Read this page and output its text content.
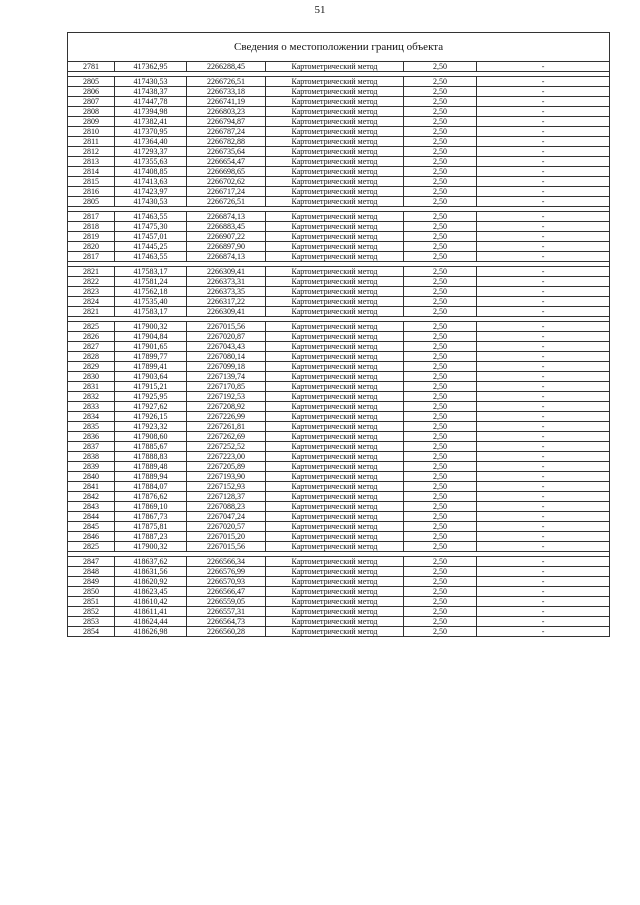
51
Сведения о местоположении границ объекта					
2781	417362,95	2266288,45	Картометрический метод	2,50	-

2805	417430,53	2266726,51	Картометрический метод	2,50	-
2806	417438,37	2266733,18	Картометрический метод	2,50	-
2807	417447,78	2266741,19	Картометрический метод	2,50	-
2808	417394,98	2266803,23	Картометрический метод	2,50	-
2809	417382,41	2266794,87	Картометрический метод	2,50	-
2810	417370,95	2266787,24	Картометрический метод	2,50	-
2811	417364,40	2266782,88	Картометрический метод	2,50	-
2812	417293,37	2266735,64	Картометрический метод	2,50	-
2813	417355,63	2266654,47	Картометрический метод	2,50	-
2814	417408,85	2266698,65	Картометрический метод	2,50	-
2815	417413,63	2266702,62	Картометрический метод	2,50	-
2816	417423,97	2266717,24	Картометрический метод	2,50	-
2805	417430,53	2266726,51	Картометрический метод	2,50	-

2817	417463,55	2266874,13	Картометрический метод	2,50	-
2818	417475,30	2266883,45	Картометрический метод	2,50	-
2819	417457,01	2266907,22	Картометрический метод	2,50	-
2820	417445,25	2266897,90	Картометрический метод	2,50	-
2817	417463,55	2266874,13	Картометрический метод	2,50	-

2821	417583,17	2266309,41	Картометрический метод	2,50	-
2822	417581,24	2266373,31	Картометрический метод	2,50	-
2823	417562,18	2266373,35	Картометрический метод	2,50	-
2824	417535,40	2266317,22	Картометрический метод	2,50	-
2821	417583,17	2266309,41	Картометрический метод	2,50	-

2825	417900,32	2267015,56	Картометрический метод	2,50	-
2826	417904,84	2267020,87	Картометрический метод	2,50	-
2827	417901,65	2267043,43	Картометрический метод	2,50	-
2828	417899,77	2267080,14	Картометрический метод	2,50	-
2829	417899,41	2267099,18	Картометрический метод	2,50	-
2830	417903,64	2267139,74	Картометрический метод	2,50	-
2831	417915,21	2267170,85	Картометрический метод	2,50	-
2832	417925,95	2267192,53	Картометрический метод	2,50	-
2833	417927,62	2267208,92	Картометрический метод	2,50	-
2834	417926,15	2267226,99	Картометрический метод	2,50	-
2835	417923,32	2267261,81	Картометрический метод	2,50	-
2836	417908,60	2267262,69	Картометрический метод	2,50	-
2837	417885,67	2267252,52	Картометрический метод	2,50	-
2838	417888,83	2267223,00	Картометрический метод	2,50	-
2839	417889,48	2267205,89	Картометрический метод	2,50	-
2840	417889,94	2267193,90	Картометрический метод	2,50	-
2841	417884,07	2267152,93	Картометрический метод	2,50	-
2842	417876,62	2267128,37	Картометрический метод	2,50	-
2843	417869,10	2267088,23	Картометрический метод	2,50	-
2844	417867,73	2267047,24	Картометрический метод	2,50	-
2845	417875,81	2267020,57	Картометрический метод	2,50	-
2846	417887,23	2267015,20	Картометрический метод	2,50	-
2825	417900,32	2267015,56	Картометрический метод	2,50	-

2847	418637,62	2266566,34	Картометрический метод	2,50	-
2848	418631,56	2266576,99	Картометрический метод	2,50	-
2849	418620,92	2266570,93	Картометрический метод	2,50	-
2850	418623,45	2266566,47	Картометрический метод	2,50	-
2851	418610,42	2266559,05	Картометрический метод	2,50	-
2852	418611,41	2266557,31	Картометрический метод	2,50	-
2853	418624,44	2266564,73	Картометрический метод	2,50	-
2854	418626,98	2266560,28	Картометрический метод	2,50	-
